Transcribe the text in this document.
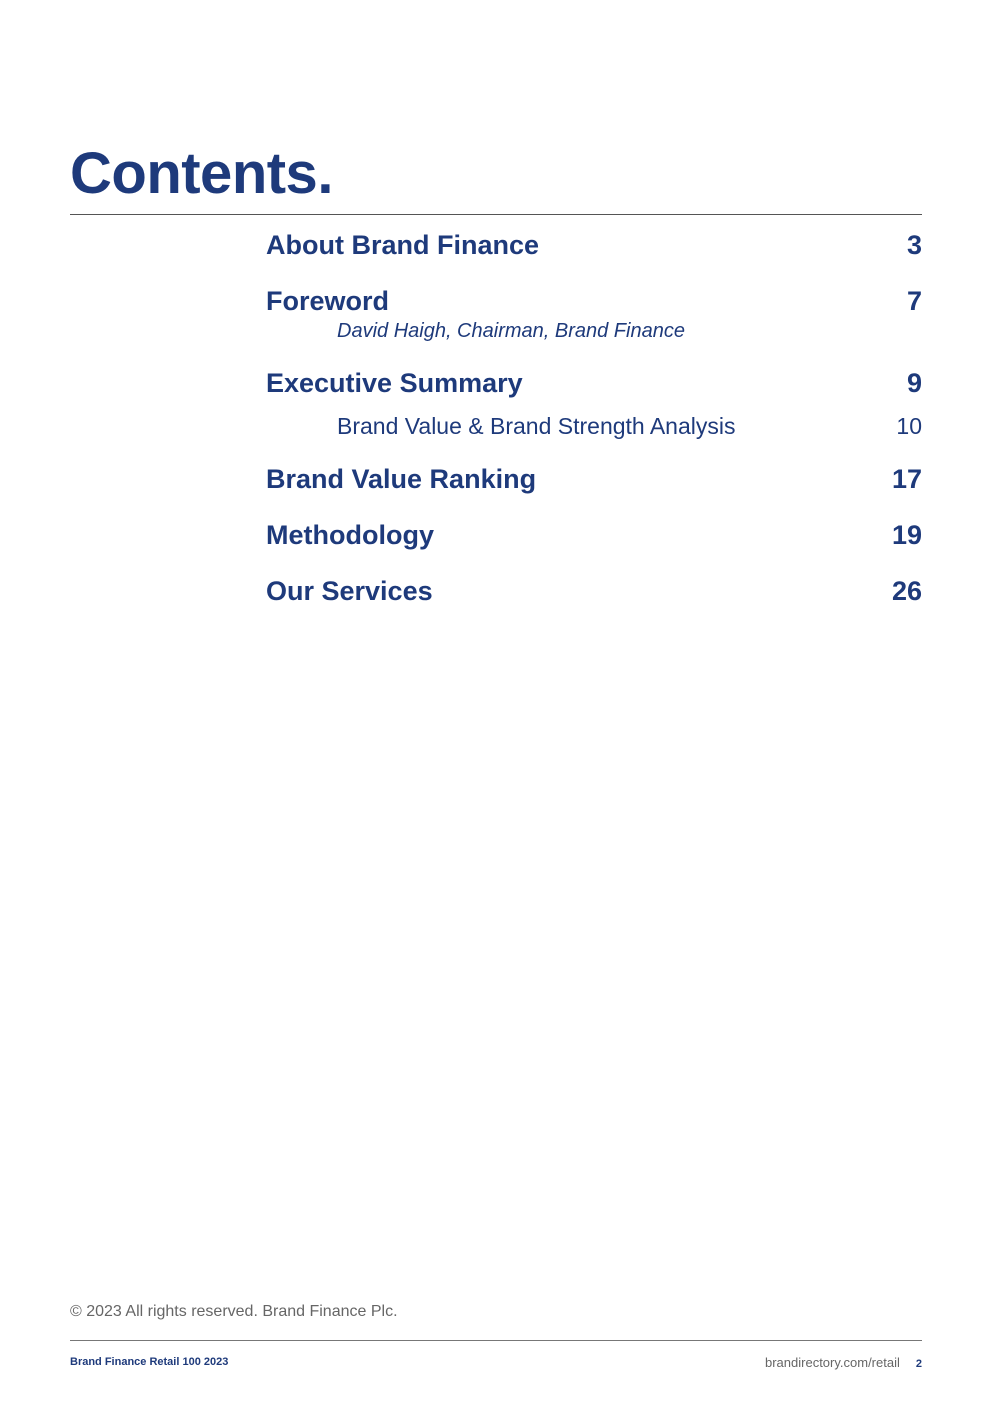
Contents.
About Brand Finance	3
Foreword	7
David Haigh, Chairman, Brand Finance
Executive Summary	9
Brand Value & Brand Strength Analysis	10
Brand Value Ranking	17
Methodology	19
Our Services	26
© 2023 All rights reserved. Brand Finance Plc.
Brand Finance Retail 100 2023	brandirectory.com/retail 2
